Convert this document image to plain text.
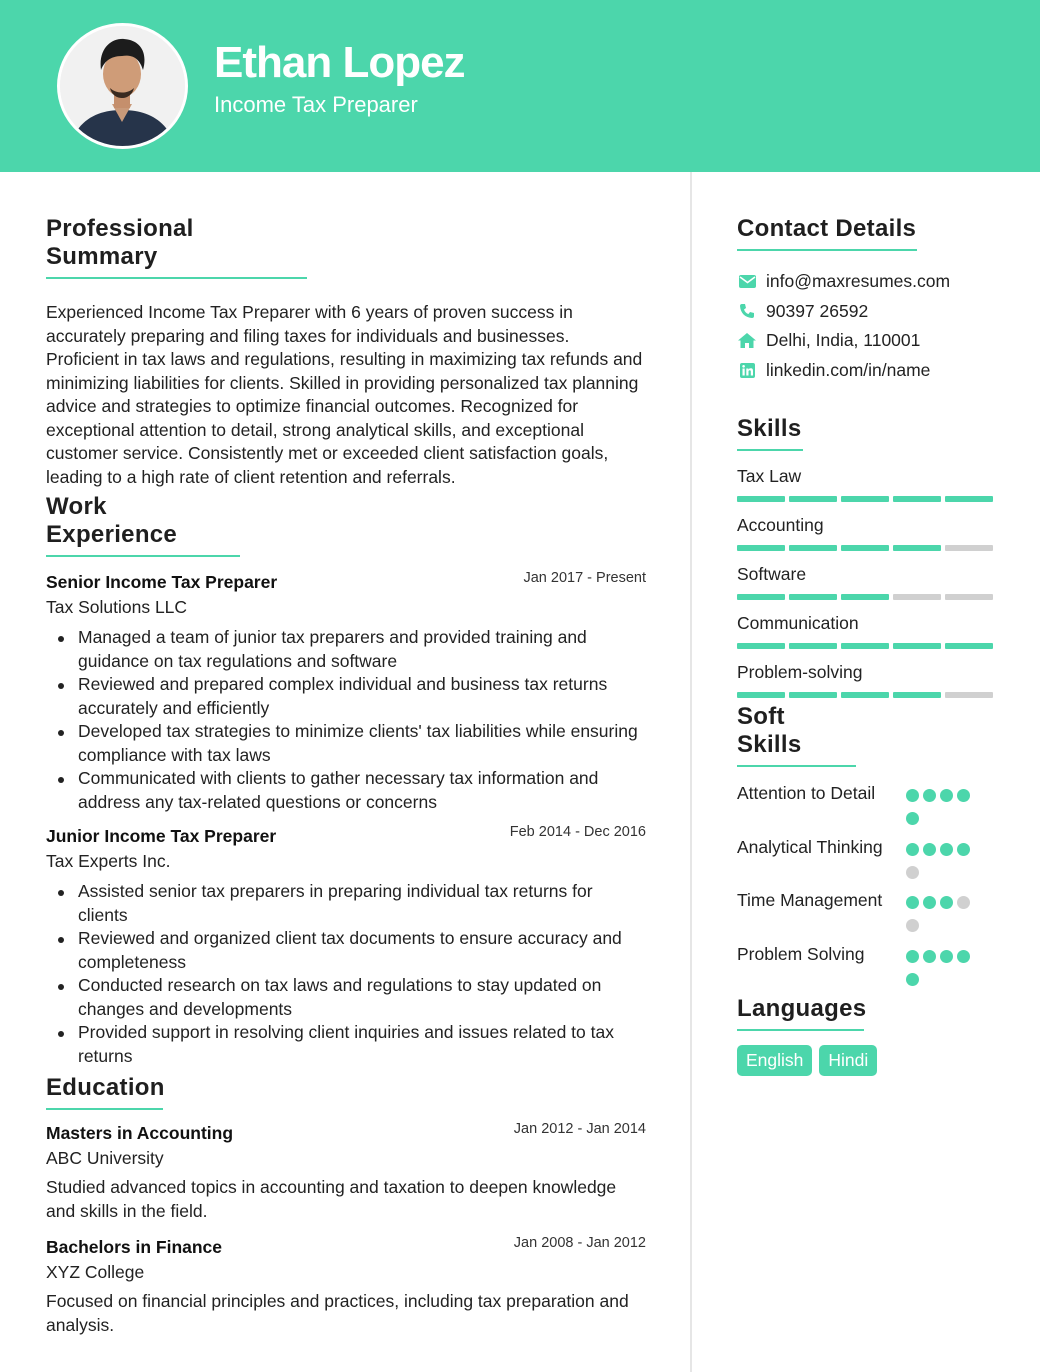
Ethan Lopez
Income Tax Preparer
Professional Summary

Experienced Income Tax Preparer with 6 years of proven success in accurately preparing and filing taxes for individuals and businesses. Proficient in tax laws and regulations, resulting in maximizing tax refunds and minimizing liabilities for clients. Skilled in providing personalized tax planning advice and strategies to optimize financial outcomes. Recognized for exceptional attention to detail, strong analytical skills, and exceptional customer service. Consistently met or exceeded client satisfaction goals, leading to a high rate of client retention and referrals.

Work Experience
Senior Income Tax Preparer	Jan 2017 - Present
Tax Solutions LLC
Managed a team of junior tax preparers and provided training and guidance on tax regulations and software
Reviewed and prepared complex individual and business tax returns accurately and efficiently
Developed tax strategies to minimize clients' tax liabilities while ensuring compliance with tax laws
Communicated with clients to gather necessary tax information and address any tax-related questions or concerns
Junior Income Tax Preparer	Feb 2014 - Dec 2016
Tax Experts Inc.
Assisted senior tax preparers in preparing individual tax returns for clients
Reviewed and organized client tax documents to ensure accuracy and completeness
Conducted research on tax laws and regulations to stay updated on changes and developments
Provided support in resolving client inquiries and issues related to tax returns
Education
Masters in Accounting	Jan 2012 - Jan 2014
ABC University

Studied advanced topics in accounting and taxation to deepen knowledge and skills in the field.

Bachelors in Finance	Jan 2008 - Jan 2012
XYZ College

Focused on financial principles and practices, including tax preparation and analysis.

Contact Details
info@maxresumes.com
90397 26592
Delhi, India, 110001
linkedin.com/in/name
Skills
Tax Law
Accounting
Software
Communication
Problem-solving
Soft Skills
Attention to Detail
Analytical Thinking
Time Management
Problem Solving
Languages
English	Hindi
